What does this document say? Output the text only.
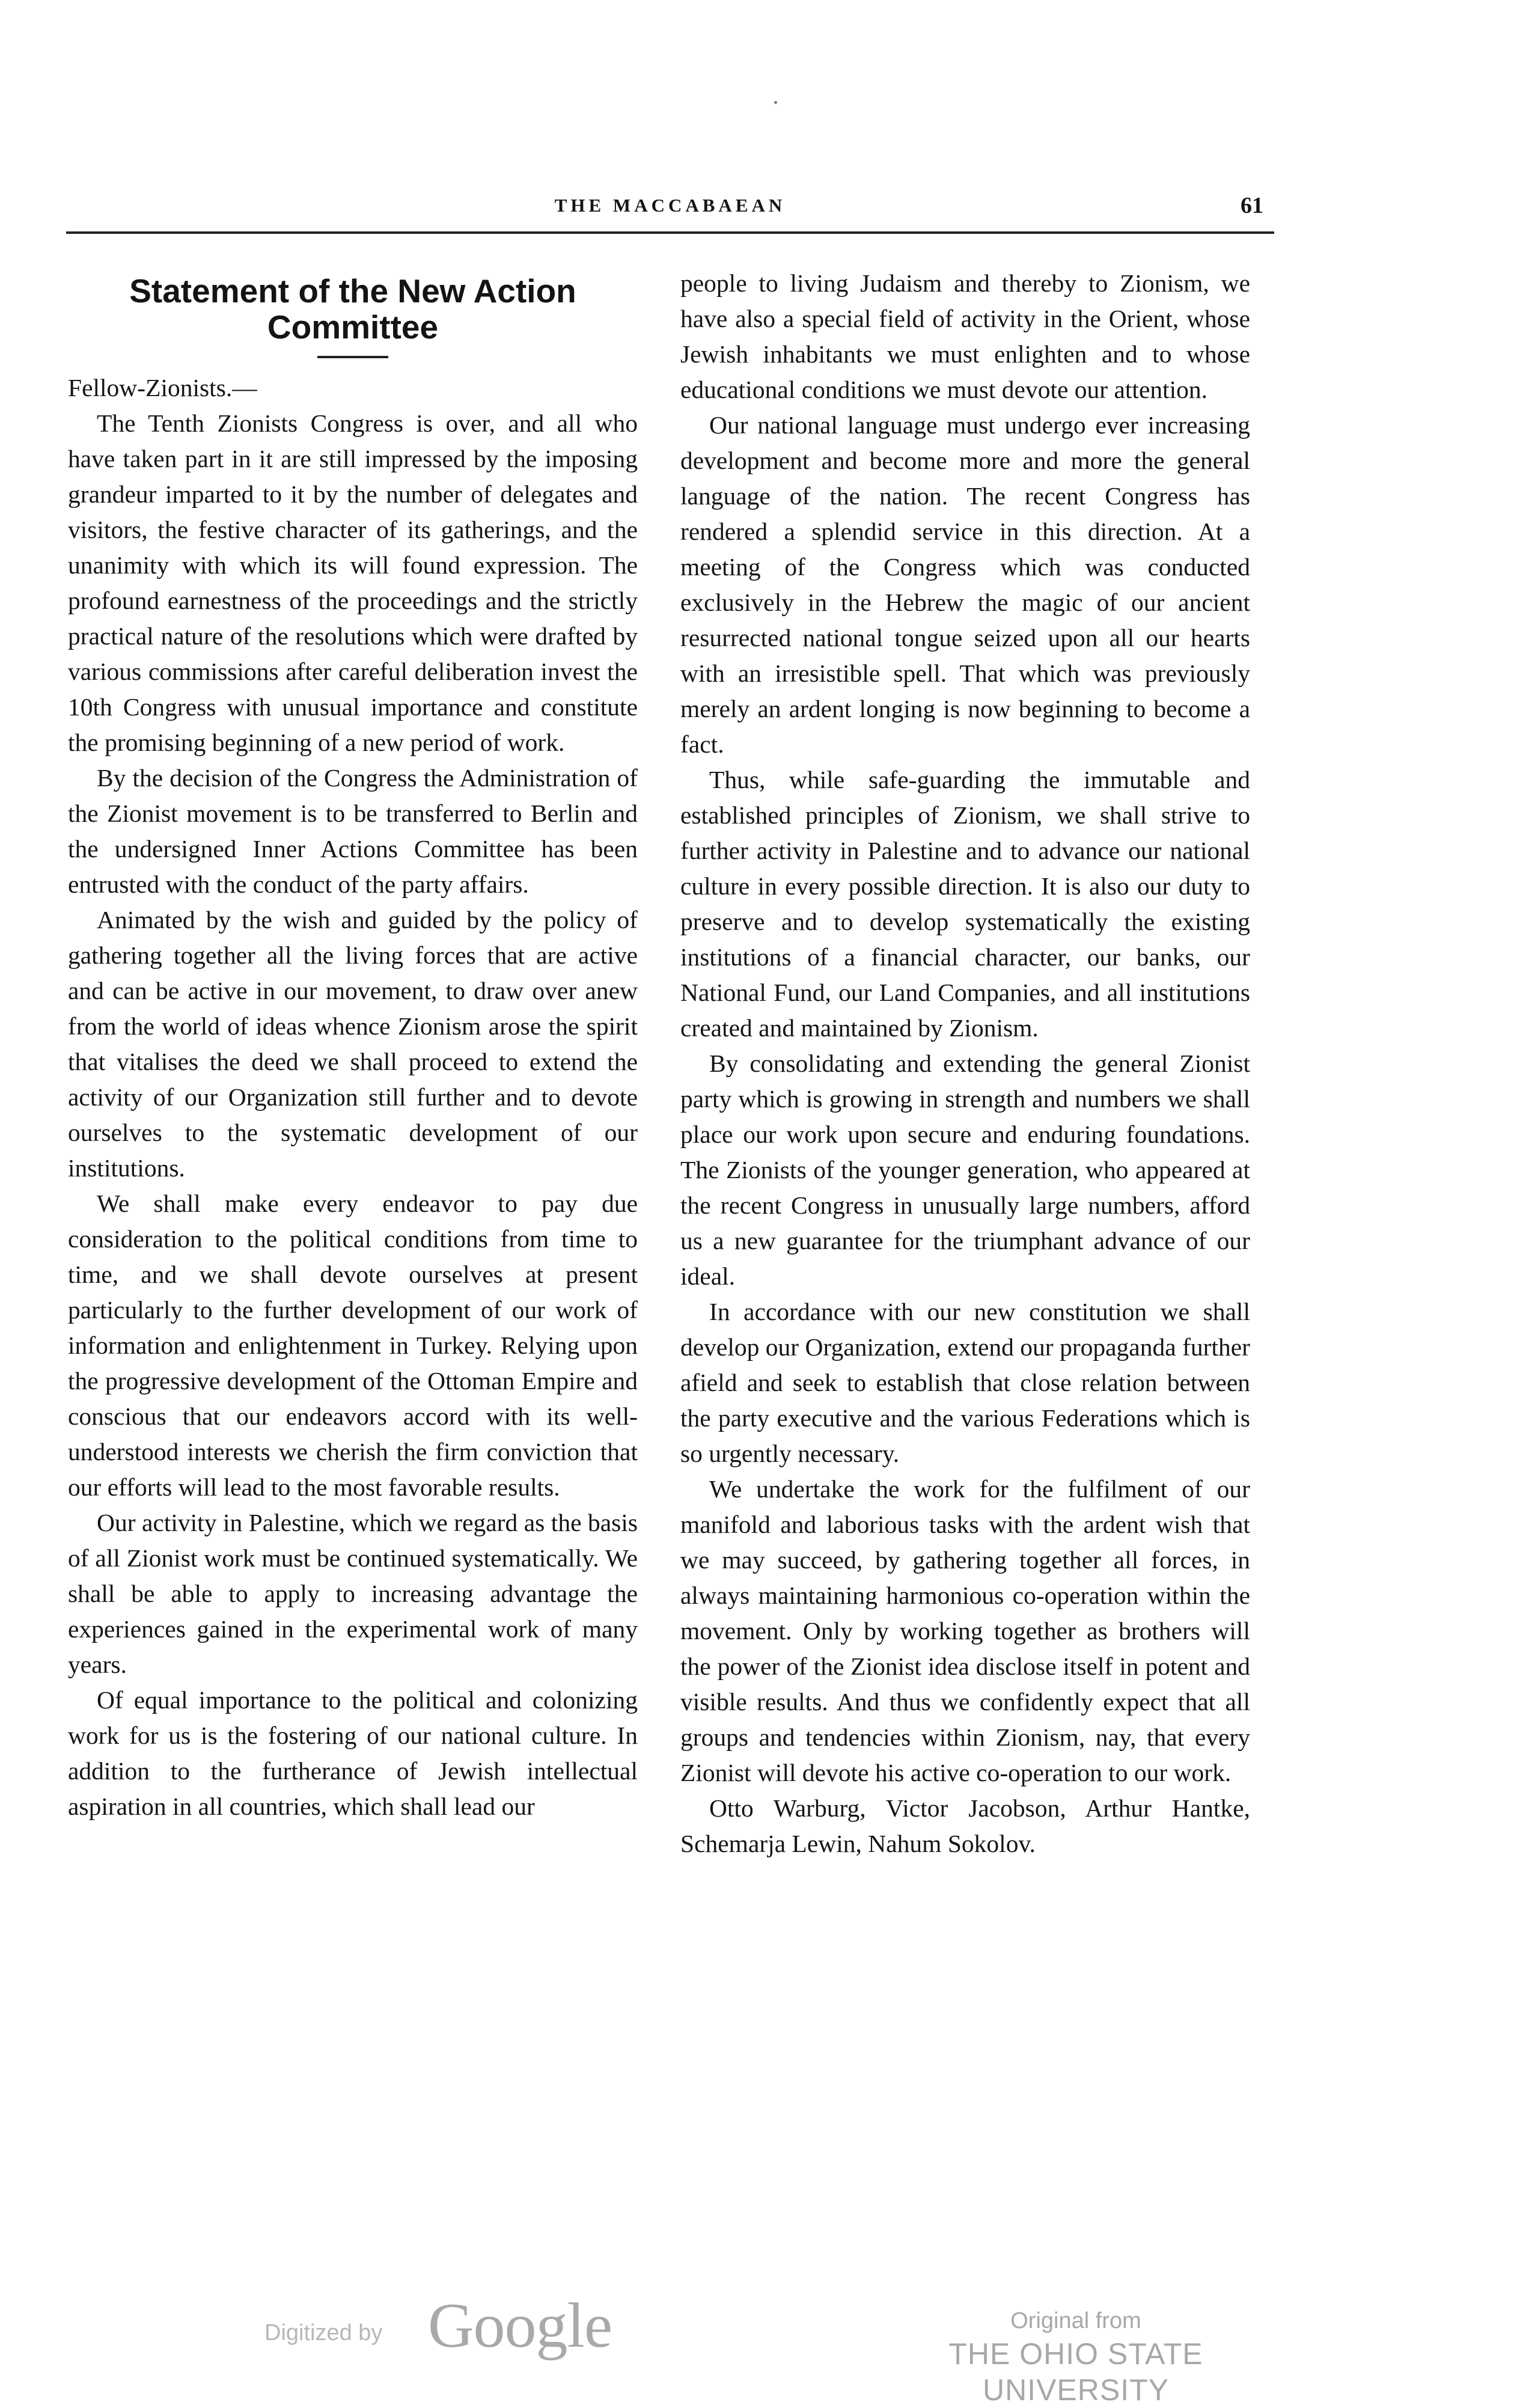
THE MACCABAEAN	61
Statement of the New Action Committee

Fellow-Zionists.—

The Tenth Zionists Congress is over, and all who have taken part in it are still impressed by the imposing grandeur imparted to it by the number of delegates and visitors, the festive character of its gatherings, and the unanimity with which its will found expression. The profound earnestness of the proceedings and the strictly practical nature of the resolutions which were drafted by various commissions after careful deliberation invest the 10th Congress with unusual importance and constitute the promising beginning of a new period of work.

By the decision of the Congress the Administration of the Zionist movement is to be transferred to Berlin and the undersigned Inner Actions Committee has been entrusted with the conduct of the party affairs.

Animated by the wish and guided by the policy of gathering together all the living forces that are active and can be active in our movement, to draw over anew from the world of ideas whence Zionism arose the spirit that vitalises the deed we shall proceed to extend the activity of our Organization still further and to devote ourselves to the systematic development of our institutions.

We shall make every endeavor to pay due consideration to the political conditions from time to time, and we shall devote ourselves at present particularly to the further development of our work of information and enlightenment in Turkey. Relying upon the progressive development of the Ottoman Empire and conscious that our endeavors accord with its well-understood interests we cherish the firm conviction that our efforts will lead to the most favorable results.

Our activity in Palestine, which we regard as the basis of all Zionist work must be continued systematically. We shall be able to apply to increasing advantage the experiences gained in the experimental work of many years.

Of equal importance to the political and colonizing work for us is the fostering of our national culture. In addition to the furtherance of Jewish intellectual aspiration in all countries, which shall lead our

people to living Judaism and thereby to Zionism, we have also a special field of activity in the Orient, whose Jewish inhabitants we must enlighten and to whose educational conditions we must devote our attention.

Our national language must undergo ever increasing development and become more and more the general language of the nation. The recent Congress has rendered a splendid service in this direction. At a meeting of the Congress which was conducted exclusively in the Hebrew the magic of our ancient resurrected national tongue seized upon all our hearts with an irresistible spell. That which was previously merely an ardent longing is now beginning to become a fact.

Thus, while safe-guarding the immutable and established principles of Zionism, we shall strive to further activity in Palestine and to advance our national culture in every possible direction. It is also our duty to preserve and to develop systematically the existing institutions of a financial character, our banks, our National Fund, our Land Companies, and all institutions created and maintained by Zionism.

By consolidating and extending the general Zionist party which is growing in strength and numbers we shall place our work upon secure and enduring foundations. The Zionists of the younger generation, who appeared at the recent Congress in unusually large numbers, afford us a new guarantee for the triumphant advance of our ideal.

In accordance with our new constitution we shall develop our Organization, extend our propaganda further afield and seek to establish that close relation between the party executive and the various Federations which is so urgently necessary.

We undertake the work for the fulfilment of our manifold and laborious tasks with the ardent wish that we may succeed, by gathering together all forces, in always maintaining harmonious co-operation within the movement. Only by working together as brothers will the power of the Zionist idea disclose itself in potent and visible results. And thus we confidently expect that all groups and tendencies within Zionism, nay, that every Zionist will devote his active co-operation to our work.

Otto Warburg, Victor Jacobson, Arthur Hantke, Schemarja Lewin, Nahum Sokolov.

Digitized by Google	Original from
THE OHIO STATE UNIVERSITY
